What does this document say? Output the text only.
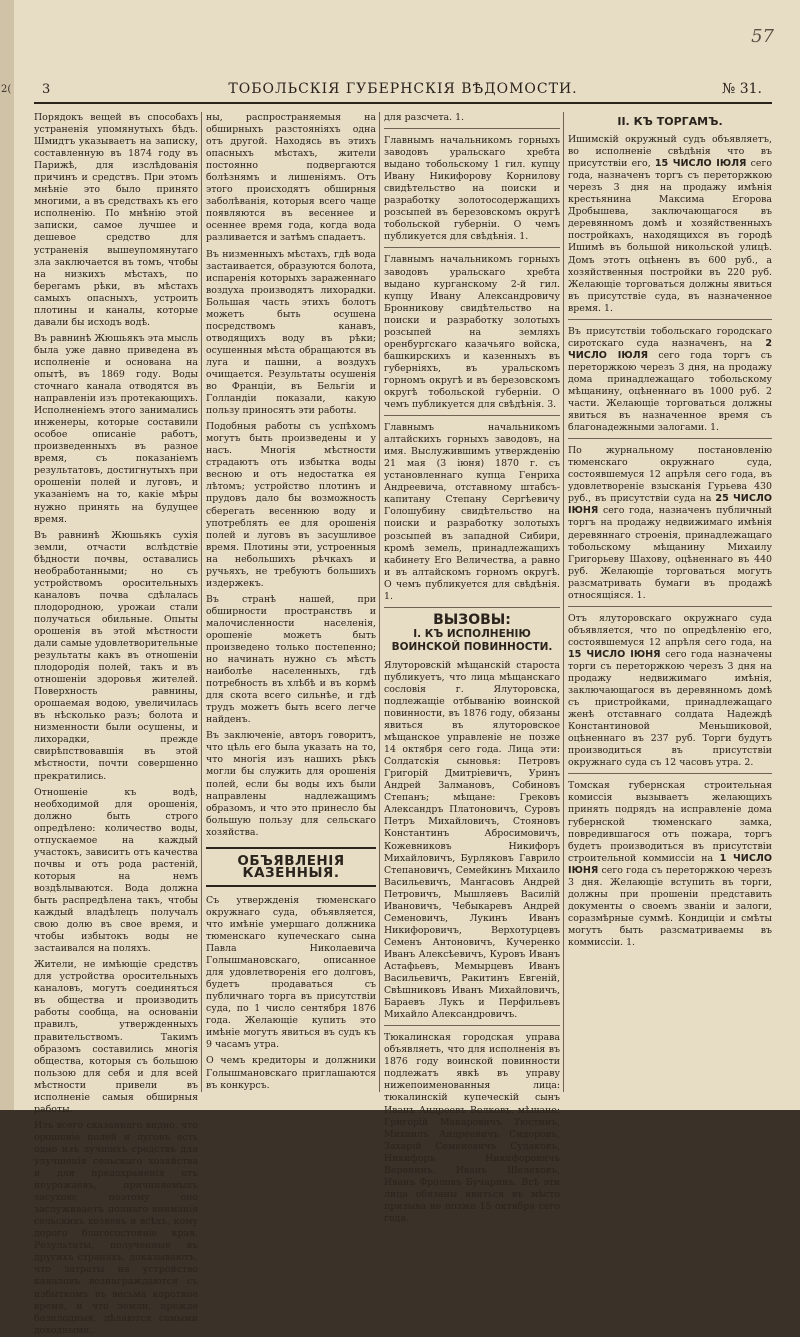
2(
57
3	ТОБОЛЬСКІЯ ГУБЕРНСКІЯ ВѢДОМОСТИ.	№ 31.

Порядокъ вещей въ способахъ устраненія упомянутыхъ бѣдъ. Шмидтъ указываетъ на записку, составленную въ 1874 году въ Парижѣ, для изслѣдованія причинъ и средствъ. При этомъ мнѣніе это было принято многими, а въ средствахъ къ его исполненію. По мнѣнію этой записки, самое лучшее и дешевое средство для устраненія вышеупомянутаго зла заключается въ томъ, чтобы на низкихъ мѣстахъ, по берегамъ рѣки, въ мѣстахъ самыхъ опасныхъ, устроить плотины и каналы, которые давали бы исходъ водѣ.

Въ равнинѣ Жюшьякъ эта мысль была уже давно приведена въ исполненіе и основана на опытѣ, въ 1869 году. Воды сточнаго канала отводятся въ направленіи изъ протекающихъ. Исполненіемъ этого занимались инженеры, которые составили особое описаніе работъ, произведенныхъ въ разное время, съ показаніемъ результатовъ, достигнутыхъ при орошеніи полей и луговъ, и указаніемъ на то, какіе мѣры нужно принять на будущее время.

Въ равнинѣ Жюшьякъ сухія земли, отчасти вслѣдствіе бѣдности почвы, оставались необработанными; но съ устройствомъ оросительныхъ каналовъ почва сдѣлалась плодородною, урожаи стали получаться обильные. Опыты орошенія въ этой мѣстности дали самые удовлетворительные результаты какъ въ отношеніи плодородія полей, такъ и въ отношеніи здоровья жителей. Поверхность равнины, орошаемая водою, увеличилась въ нѣсколько разъ; болота и низменности были осушены, и лихорадки, прежде свирѣпствовавшія въ этой мѣстности, почти совершенно прекратились.

Отношеніе къ водѣ, необходимой для орошенія, должно быть строго опредѣлено: количество воды, отпускаемое на каждый участокъ, зависитъ отъ качества почвы и отъ рода растеній, которыя на немъ воздѣлываются. Вода должна быть распредѣлена такъ, чтобы каждый владѣлецъ получалъ свою долю въ свое время, и чтобы избытокъ воды не застаивался на поляхъ.

Жители, не имѣющіе средствъ для устройства оросительныхъ каналовъ, могутъ соединяться въ общества и производить работы сообща, на основаніи правилъ, утвержденныхъ правительствомъ. Такимъ образомъ составились многія общества, которыя съ большою пользою для себя и для всей мѣстности привели въ исполненіе самыя обширныя работы.

Изъ всего сказаннаго видно, что орошеніе полей и луговъ есть одно изъ лучшихъ средствъ для улучшенія сельскаго хозяйства и для предохраненія отъ неурожаевъ, причиняемыхъ засухою; поэтому оно заслуживаетъ полнаго вниманія сельскихъ хозяевъ и всѣхъ, кому дорого благосостояніе края. Результаты, полученные въ другихъ странахъ, доказываютъ, что затраты на устройство каналовъ вознаграждаются съ избыткомъ въ весьма короткое время, и что земли, прежде безплодныя, дѣлаются самыми доходными.

ны, распространяемыя на обширныхъ разстояніяхъ одна отъ другой. Находясь въ этихъ опасныхъ мѣстахъ, жители постоянно подвергаются болѣзнямъ и лишеніямъ. Отъ этого происходятъ обширныя заболѣванія, которыя всего чаще появляются въ весеннее и осеннее время года, когда вода разливается и затѣмъ спадаетъ.

Въ низменныхъ мѣстахъ, гдѣ вода застаивается, образуются болота, испаренія которыхъ зараженнаго воздуха производятъ лихорадки. Большая часть этихъ болотъ можетъ быть осушена посредствомъ канавъ, отводящихъ воду въ рѣки; осушенныя мѣста обращаются въ луга и пашни, а воздухъ очищается. Результаты осушенія во Франціи, въ Бельгіи и Голландіи показали, какую пользу приносятъ эти работы.

Подобныя работы съ успѣхомъ могутъ быть произведены и у насъ. Многія мѣстности страдаютъ отъ избытка воды весною и отъ недостатка ея лѣтомъ; устройство плотинъ и прудовъ дало бы возможность сберегать весеннюю воду и употреблять ее для орошенія полей и луговъ въ засушливое время. Плотины эти, устроенныя на небольшихъ рѣчкахъ и ручьяхъ, не требуютъ большихъ издержекъ.

Въ странѣ нашей, при обширности пространствъ и малочисленности населенія, орошеніе можетъ быть произведено только постепенно; но начинать нужно съ мѣстъ наиболѣе населенныхъ, гдѣ потребность въ хлѣбѣ и въ кормѣ для скота всего сильнѣе, и гдѣ трудъ можетъ быть всего легче найденъ.

Въ заключеніе, авторъ говоритъ, что цѣль его была указать на то, что многія изъ нашихъ рѣкъ могли бы служить для орошенія полей, если бы воды ихъ были направлены надлежащимъ образомъ, и что это принесло бы большую пользу для сельскаго хозяйства.

ОБЪЯВЛЕНІЯ КАЗЕННЫЯ.

Съ утвержденія тюменскаго окружнаго суда, объявляется, что имѣніе умершаго должника тюменскаго купеческаго сына Павла Николаевича Голышмановскаго, описанное для удовлетворенія его долговъ, будетъ продаваться съ публичнаго торга въ присутствіи суда, по 1 число сентября 1876 года. Желающіе купить это имѣніе могутъ явиться въ судъ къ 9 часамъ утра.

О чемъ кредиторы и должники Голышмановскаго приглашаются въ конкурсъ.

для разсчета. 1.

Главнымъ начальникомъ горныхъ заводовъ уральскаго хребта выдано тобольскому 1 гил. купцу Ивану Никифорову Корнилову свидѣтельство на поиски и разработку золотосодержащихъ розсыпей въ березовскомъ округѣ тобольской губерніи. О чемъ публикуется для свѣдѣнія. 1.

Главнымъ начальникомъ горныхъ заводовъ уральскаго хребта выдано курганскому 2-й гил. купцу Ивану Александровичу Бронникову свидѣтельство на поиски и разработку золотыхъ розсыпей на земляхъ оренбургскаго казачьяго войска, башкирскихъ и казенныхъ въ губерніяхъ, въ уральскомъ горномъ округѣ и въ березовскомъ округѣ тобольской губерніи. О чемъ публикуется для свѣдѣнія. 3.

Главнымъ начальникомъ алтайскихъ горныхъ заводовъ, на имя. Выслужившимъ утвержденію 21 мая (3 іюня) 1870 г. съ установленнаго купца Генриха Андреевича, отставному штабсъ-капитану Степану Сергѣевичу Голошубину свидѣтельство на поиски и разработку золотыхъ розсыпей въ западной Сибири, кромѣ земель, принадлежащихъ кабинету Его Величества, а равно и въ алтайскомъ горномъ округѣ. О чемъ публикуется для свѣдѣнія. 1.

ВЫЗОВЫ:
I. КЪ ИСПОЛНЕНІЮ ВОИНСКОЙ ПОВИННОСТИ.

Ялуторовскій мѣщанскій староста публикуетъ, что лица мѣщанскаго сословія г. Ялуторовска, подлежащіе отбыванію воинской повинности, въ 1876 году, обязаны явиться въ ялуторовское мѣщанское управленіе не позже 14 октября сего года. Лица эти: Солдатскія сыновья: Петровъ Григорій Дмитріевичъ, Уринъ Андрей Залмановъ, Собиновъ Степанъ; мѣщане: Грековъ Александръ Платоновичъ, Суровъ Петръ Михайловичъ, Стояновъ Константинъ Абросимовичъ, Кожевниковъ Никифоръ Михайловичъ, Бурляковъ Гаврило Степановичъ, Семейкинъ Михаило Васильевичъ, Мангасовъ Андрей Петровичъ, Мышляевъ Василій Ивановичъ, Чебыкаревъ Андрей Семеновичъ, Лукинъ Иванъ Никифоровичъ, Верхотурцевъ Семенъ Антоновичъ, Кучеренко Иванъ Алексѣевичъ, Куровъ Иванъ Астафьевъ, Мемырцевъ Иванъ Васильевичъ, Ракитинъ Евгеній, Свѣшниковъ Иванъ Михайловичъ, Бараевъ Лукъ и Перфильевъ Михайло Александровичъ.

Тюкалинская городская управа объявляетъ, что для исполненія въ 1876 году воинской повинности подлежатъ явкѣ въ управу нижепоименованныя лица: тюкалинскій купеческій сынъ Иванъ Андреевъ Волковъ, мѣщане: Григорій Макаровичъ Тюстинъ, Михаилъ Андреевичъ Сидоровъ, Захарій Семеновичъ Судаковъ, Никифоръ Никифоровичъ Веренинъ, Иванъ Шелеховъ, Иванъ Фроловъ Бучаринъ. Всѣ эти лица обязаны явиться въ мѣсто призыва не позже 15 октября сего года.

II. КЪ ТОРГАМЪ.

Ишимскій окружный судъ объявляетъ, во исполненіе свѣдѣнія что въ присутствіи его, 15 ЧИСЛО ІЮЛЯ сего года, назначенъ торгъ съ переторжкою черезъ 3 дня на продажу имѣнія крестьянина Максима Егорова Дробышева, заключающагося въ деревянномъ домѣ и хозяйственныхъ постройкахъ, находящихся въ городѣ Ишимѣ въ большой никольской улицѣ. Домъ этотъ оцѣненъ въ 600 руб., а хозяйственныя постройки въ 220 руб. Желающіе торговаться должны явиться въ присутствіе суда, въ назначенное время. 1.

Въ присутствіи тобольскаго городскаго сиротскаго суда назначенъ, на 2 ЧИСЛО ІЮЛЯ сего года торгъ съ переторжкою черезъ 3 дня, на продажу дома принадлежащаго тобольскому мѣщанину, оцѣненнаго въ 1000 руб. 2 части. Желающіе торговаться должны явиться въ назначенное время съ благонадежными залогами. 1.

По журнальному постановленію тюменскаго окружнаго суда, состоявшемуся 12 апрѣля сего года, въ удовлетвореніе взысканія Гурьева 430 руб., въ присутствіи суда на 25 ЧИСЛО ІЮНЯ сего года, назначенъ публичный торгъ на продажу недвижимаго имѣнія деревяннаго строенія, принадлежащаго тобольскому мѣщанину Михаилу Григорьеву Шахову, оцѣненнаго въ 440 руб. Желающіе торговаться могутъ разсматривать бумаги въ продажѣ относящіяся. 1.

Отъ ялуторовскаго окружнаго суда объявляется, что по опредѣленію его, состоявшемуся 12 апрѣля сего года, на 15 ЧИСЛО ІЮНЯ сего года назначены торги съ переторжкою черезъ 3 дня на продажу недвижимаго имѣнія, заключающагося въ деревянномъ домѣ съ пристройками, принадлежащаго женѣ отставнаго солдата Надеждѣ Константиновой Меньшиковой, оцѣненнаго въ 237 руб. Торги будутъ производиться въ присутствіи окружнаго суда съ 12 часовъ утра. 2.

Томская губернская строительная комиссія вызываетъ желающихъ принять подрядъ на исправленіе дома губернской тюменскаго замка, повредившагося отъ пожара, торгъ будетъ производиться въ присутствіи строительной коммиссіи на 1 ЧИСЛО ІЮНЯ сего года съ переторжкою черезъ 3 дня. Желающіе вступить въ торги, должны при прошеніи представить документы о своемъ званіи и залоги, соразмѣрные суммѣ. Кондиціи и смѣты могутъ быть разсматриваемы въ коммиссіи. 1.
